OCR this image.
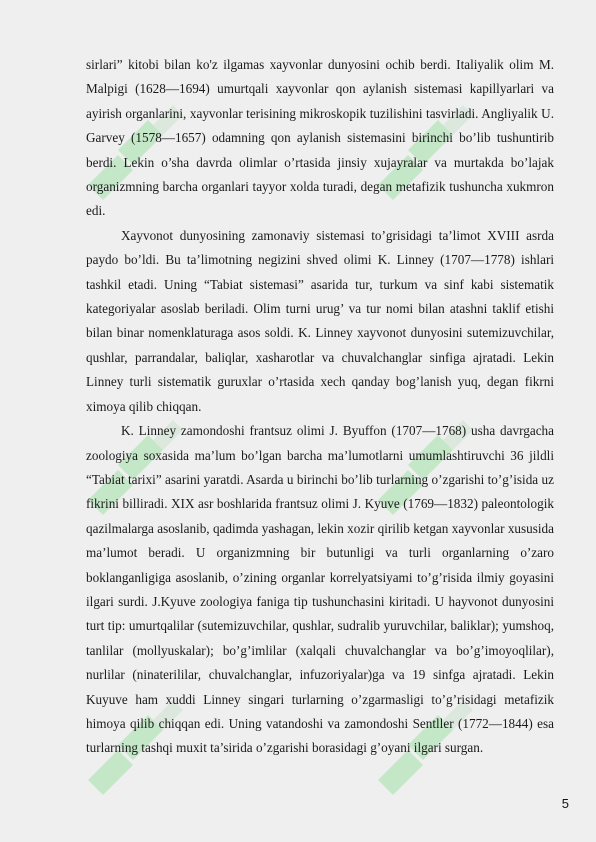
sirlari” kitobi bilan ko'z ilgamas xayvonlar dunyosini ochib berdi. Italiyalik olim M. Malpigi (1628—1694) umurtqali xayvonlar qon aylanish sistemasi kapillyarlari va ayirish organlarini, xayvonlar terisining mikroskopik tuzilishini tasvirladi. Angliyalik U. Garvey (1578—1657) odamning qon aylanish sistemasini birinchi bo’lib tushuntirib berdi. Lekin o’sha davrda olimlar o’rtasida jinsiy xujayralar va murtakda bo’lajak organizmning barcha organlari tayyor xolda turadi, degan metafizik tushuncha xukmron edi.

Xayvonot dunyosining zamonaviy sistemasi to’grisidagi ta’limot XVIII asrda paydo bo’ldi. Bu ta’limotning negizini shved olimi K. Linney (1707—1778) ishlari tashkil etadi. Uning “Tabiat sistemasi” asarida tur, turkum va sinf kabi sistematik kategoriyalar asoslab beriladi. Olim turni urug’ va tur nomi bilan atashni taklif etishi bilan binar nomenklaturaga asos soldi. K. Linney xayvonot dunyosini sutemizuvchilar, qushlar, parrandalar, baliqlar, xasharotlar va chuvalchanglar sinfiga ajratadi. Lekin Linney turli sistematik guruxlar o’rtasida xech qanday bog’lanish yuq, degan fikrni ximoya qilib chiqqan.

K. Linney zamondoshi frantsuz olimi J. Byuffon (1707—1768) usha davrgacha zoologiya soxasida ma’lum bo’lgan barcha ma’lumotlarni umumlashtiruvchi 36 jildli “Tabiat tarixi” asarini yaratdi. Asarda u birinchi bo’lib turlarning o’zgarishi to’g’isida uz fikrini billiradi. XIX asr boshlarida frantsuz olimi J. Kyuve (1769—1832) paleontologik qazilmalarga asoslanib, qadimda yashagan, lekin xozir qirilib ketgan xayvonlar xususida ma’lumot beradi. U organizmning bir butunligi va turli organlarning o’zaro boklanganligiga asoslanib, o’zining organlar korrelyatsiyami to’g’risida ilmiy goyasini ilgari surdi. J.Kyuve zoologiya faniga tip tushunchasini kiritadi. U hayvonot dunyosini turt tip: umurtqalilar (sutemizuvchilar, qushlar, sudralib yuruvchilar, baliklar); yumshoq, tanlilar (mollyuskalar); bo’g’imlilar (xalqali chuvalchanglar va bo’g’imoyoqlilar), nurlilar (ninaterililar, chuvalchanglar, infuzoriyalar)ga va 19 sinfga ajratadi. Lekin Kuyuve ham xuddi Linney singari turlarning o’zgarmasligi to’g’risidagi metafizik himoya qilib chiqqan edi. Uning vatandoshi va zamondoshi Sentller (1772—1844) esa turlarning tashqi muxit ta’sirida o’zgarishi borasidagi g’oyani ilgari surgan.

5
